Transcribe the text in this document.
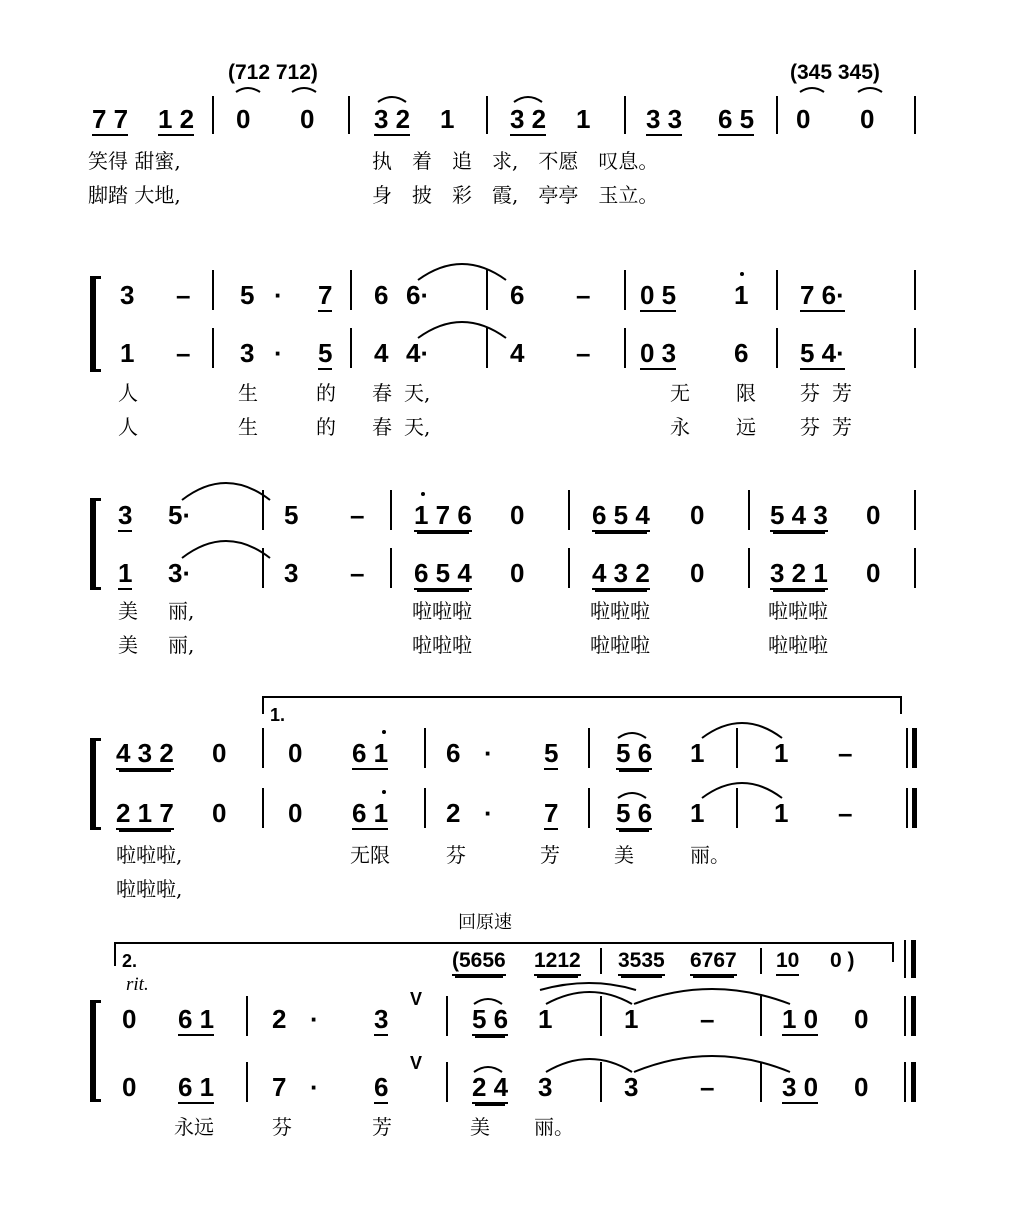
(712 712)	(345 345)
7 7 1 2 0 0 3 2 1 3 2 1 3 3 6 5 0 0
笑得 甜蜜,	执　着　追　求,　不愿　叹息。
脚踏 大地,	身　披　彩　霞,　亭亭　玉立。
3 – 5 · 7 6 6·	6 – 0 5 1 7 6·
1 – 3 · 5 4 4·	4 – 0 3 6 5 4·
人	生	的 春 天,	无 限 芬 芳
人	生	的 春 天,	永 远 芬 芳
3 5·	5 – 1 7 6 0	6 5 4 0	5 4 3 0
1 3·	3 – 6 5 4 0	4 3 2 0	3 2 1 0
美 丽,	啦啦啦	啦啦啦	啦啦啦
美 丽,	啦啦啦	啦啦啦	啦啦啦
1.
4 3 2 0 0 6 1 6 · 5 5 6 1	1 –
2 1 7 0 0 6 1 2 · 7 5 6 1	1 –
啦啦啦,	无限	芬	芳	美	丽。
啦啦啦,
回原速
2.
rit.
(5656 1212 3535 6767 10 0 )
V
V
0 6 1 2 · 3	5 6 1	1 –	1 0 0
0 6 1 7 · 6	2 4 3	3 –	3 0 0
永远	芬	芳	美 丽。
